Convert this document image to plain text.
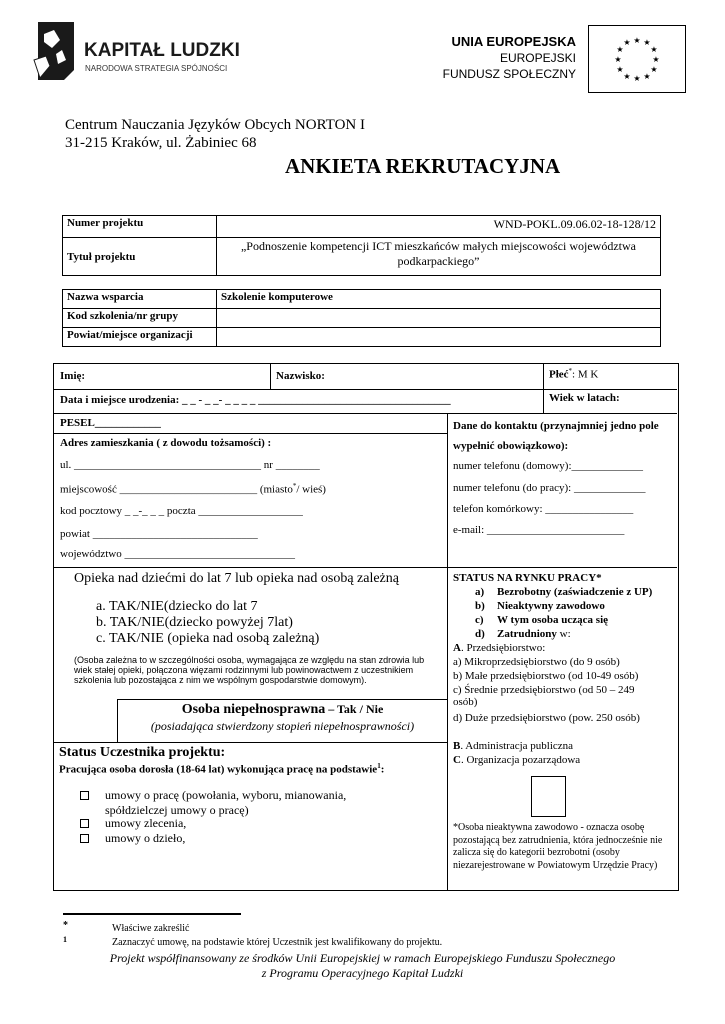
KAPITAŁ LUDZKI
NARODOWA STRATEGIA SPÓJNOŚCI
UNIA EUROPEJSKA
EUROPEJSKI
FUNDUSZ SPOŁECZNY
★ ★
★
★
★
★
★
★
★
★
★
★
Centrum Nauczania Języków Obcych NORTON I
31-215 Kraków, ul. Żabiniec 68
ANKIETA REKRUTACYJNA
Numer projektu	WND-POKL.09.06.02-18-128/12
Tytuł projektu	„Podnoszenie kompetencji ICT mieszkańców małych miejscowości województwa podkarpackiego”
Nazwa wsparcia	Szkolenie komputerowe
Kod szkolenia/nr grupy	
Powiat/miejsce organizacji	
Imię:	Nazwisko:	Płeć*: M K
Data i miejsce urodzenia: _ _ - _ _- _ _ _ _ ___________________________________	Wiek w latach:
PESEL____________
Adres zamieszkania ( z dowodu tożsamości) :
ul. __________________________________ nr ________
miejscowość _________________________ (miasto*/ wieś)
kod pocztowy _ _-_ _ _ poczta ___________________
powiat ______________________________
województwo _______________________________
Dane do kontaktu (przynajmniej jedno pole wypełnić obowiązkowo):
numer telefonu (domowy):_____________
numer telefonu (do pracy): _____________
telefon komórkowy: ________________
e-mail: _________________________
Opieka nad dziećmi do lat 7 lub opieka nad osobą zależną
a. TAK/NIE(dziecko do lat 7
b. TAK/NIE(dziecko powyżej 7lat)
c. TAK/NIE (opieka nad osobą zależną)
(Osoba zależna to w szczególności osoba, wymagająca ze względu na stan zdrowia lub wiek stałej opieki, połączona więzami rodzinnymi lub powinowactwem z uczestnikiem szkolenia lub pozostająca z nim we wspólnym gospodarstwie domowym).
Osoba niepełnosprawna – Tak / Nie
(posiadająca stwierdzony stopień niepełnosprawności)
Status Uczestnika projektu:
Pracująca osoba dorosła (18-64 lat) wykonująca pracę na podstawie$^1$:
umowy o pracę (powołania, wyboru, mianowania, spółdzielczej umowy o pracę)
umowy zlecenia,
umowy o dzieło,
STATUS NA RYNKU PRACY*
a) Bezrobotny (zaświadczenie z UP)
b) Nieaktywny zawodowo
c) W tym osoba ucząca się
d) Zatrudniony w:
A. Przedsiębiorstwo:
a) Mikroprzedsiębiorstwo (do 9 osób)
b) Małe przedsiębiorstwo (od 10-49 osób)
c) Średnie przedsiębiorstwo (od 50 – 249 osób)
d) Duże przedsiębiorstwo (pow. 250 osób)
B. Administracja publiczna
C. Organizacja pozarządowa
*Osoba nieaktywna zawodowo - oznacza osobę pozostającą bez zatrudnienia, która jednocześnie nie zalicza się do kategorii bezrobotni (osoby niezarejestrowane w Powiatowym Urzędzie Pracy)
*	Właściwe zakreślić
1	Zaznaczyć umowę, na podstawie której Uczestnik jest kwalifikowany do projektu.
Projekt współfinansowany ze środków Unii Europejskiej w ramach Europejskiego Funduszu Społecznego
z Programu Operacyjnego Kapitał Ludzki
